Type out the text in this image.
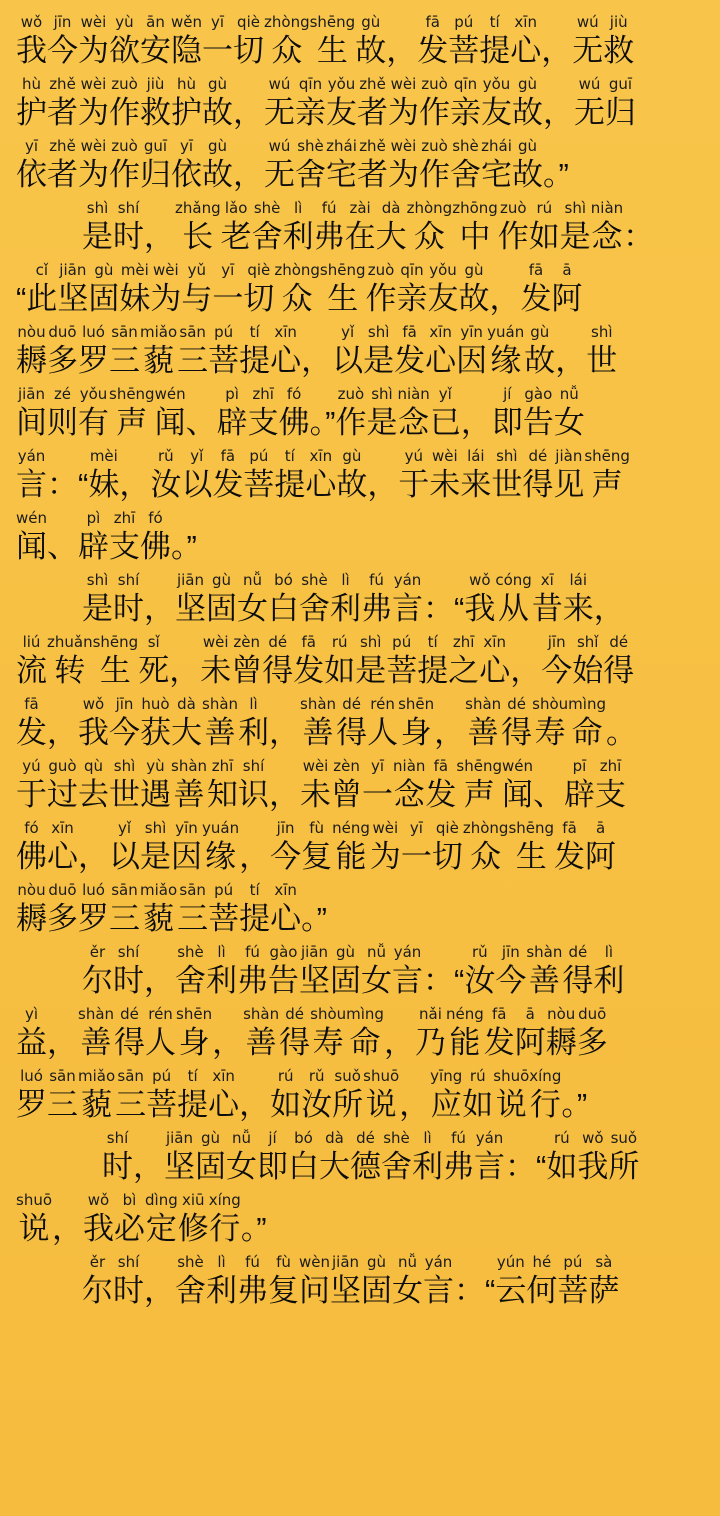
wǒ
我
jīn
今
wèi
为
yù
欲
ān
安
wěn
隐
yī
一
qiè
切
zhòng
众
shēng
生
gù
故 ，
fā
发
pú
菩
tí
提
xīn
心 ，
wú
无
jiù
救
hù
护
zhě
者
wèi
为
zuò
作
jiù
救
hù
护
gù
故 ，
wú
无
qīn
亲
yǒu
友
zhě
者
wèi
为
zuò
作
qīn
亲
yǒu
友
gù
故 ，
wú
无
guī
归
yī
依
zhě
者
wèi
为
zuò
作
guī
归
yī
依
gù
故 ，
wú
无
shè
舍
zhái
宅
zhě
者
wèi
为
zuò
作
shè
舍
zhái
宅
gù
故 。”
shì
是
shí
时 ，
zhǎng
长
lǎo
老
shè
舍
lì
利
fú
弗
zài
在
dà
大
zhòng
众
zhōng
中
zuò
作
rú
如
shì
是
niàn
念 ：
“
cǐ
此
jiān
坚
gù
固
mèi
妹
wèi
为
yǔ
与
yī
一
qiè
切
zhòng
众
shēng
生
zuò
作
qīn
亲
yǒu
友
gù
故 ，
fā
发
ā
阿
nòu
耨
duō
多
luó
罗
sān
三
miǎo
藐
sān
三
pú
菩
tí
提
xīn
心 ，
yǐ
以
shì
是
fā
发
xīn
心
yīn
因
yuán
缘
gù
故 ，
shì
世
jiān
间
zé
则
yǒu
有
shēng
声
wén
闻 、
pì
辟
zhī
支
fó
佛 。”
zuò
作
shì
是
niàn
念
yǐ
已 ，
jí
即
gào
告
nǚ
女
yán
言 ： “
mèi
妹 ，
rǔ
汝
yǐ
以
fā
发
pú
菩
tí
提
xīn
心
gù
故 ，
yú
于
wèi
未
lái
来
shì
世
dé
得
jiàn
见
shēng
声
wén
闻 、
pì
辟
zhī
支
fó
佛 。”
shì
是
shí
时 ，
jiān
坚
gù
固
nǚ
女
bó
白
shè
舍
lì
利
fú
弗
yán
言 ： “
wǒ
我
cóng
从
xī
昔
lái
来 ，
liú
流
zhuǎn
转
shēng
生
sǐ
死 ，
wèi
未
zèn
曾
dé
得
fā
发
rú
如
shì
是
pú
菩
tí
提
zhī
之
xīn
心 ，
jīn
今
shǐ
始
dé
得
fā
发 ，
wǒ
我
jīn
今
huò
获
dà
大
shàn
善
lì
利 ，
shàn
善
dé
得
rén
人
shēn
身 ，
shàn
善
dé
得
shòu
寿
mìng
命 。
yú
于
guò
过
qù
去
shì
世
yù
遇
shàn
善
zhī
知
shí
识 ，
wèi
未
zèn
曾
yī
一
niàn
念
fā
发
shēng
声
wén
闻 、
pī
辟
zhī
支
fó
佛
xīn
心 ，
yǐ
以
shì
是
yīn
因
yuán
缘 ，
jīn
今
fù
复
néng
能
wèi
为
yī
一
qiè
切
zhòng
众
shēng
生
fā
发
ā
阿
nòu
耨
duō
多
luó
罗
sān
三
miǎo
藐
sān
三
pú
菩
tí
提
xīn
心 。”
ěr
尔
shí
时 ，
shè
舍
lì
利
fú
弗
gào
告
jiān
坚
gù
固
nǚ
女
yán
言 ： “
rǔ
汝
jīn
今
shàn
善
dé
得
lì
利
yì
益 ，
shàn
善
dé
得
rén
人
shēn
身 ，
shàn
善
dé
得
shòu
寿
mìng
命 ，
nǎi
乃
néng
能
fā
发
ā
阿
nòu
耨
duō
多
luó
罗
sān
三
miǎo
藐
sān
三
pú
菩
tí
提
xīn
心 ，
rú
如
rǔ
汝
suǒ
所
shuō
说 ，
yīng
应
rú
如
shuō
说
xíng
行 。”
shí
时 ，
jiān
坚
gù
固
nǚ
女
jí
即
bó
白
dà
大
dé
德
shè
舍
lì
利
fú
弗
yán
言 ： “
rú
如
wǒ
我
suǒ
所
shuō
说 ，
wǒ
我
bì
必
dìng
定
xiū
修
xíng
行 。”
ěr
尔
shí
时 ，
shè
舍
lì
利
fú
弗
fù
复
wèn
问
jiān
坚
gù
固
nǚ
女
yán
言 ： “
yún
云
hé
何
pú
菩
sà
萨
